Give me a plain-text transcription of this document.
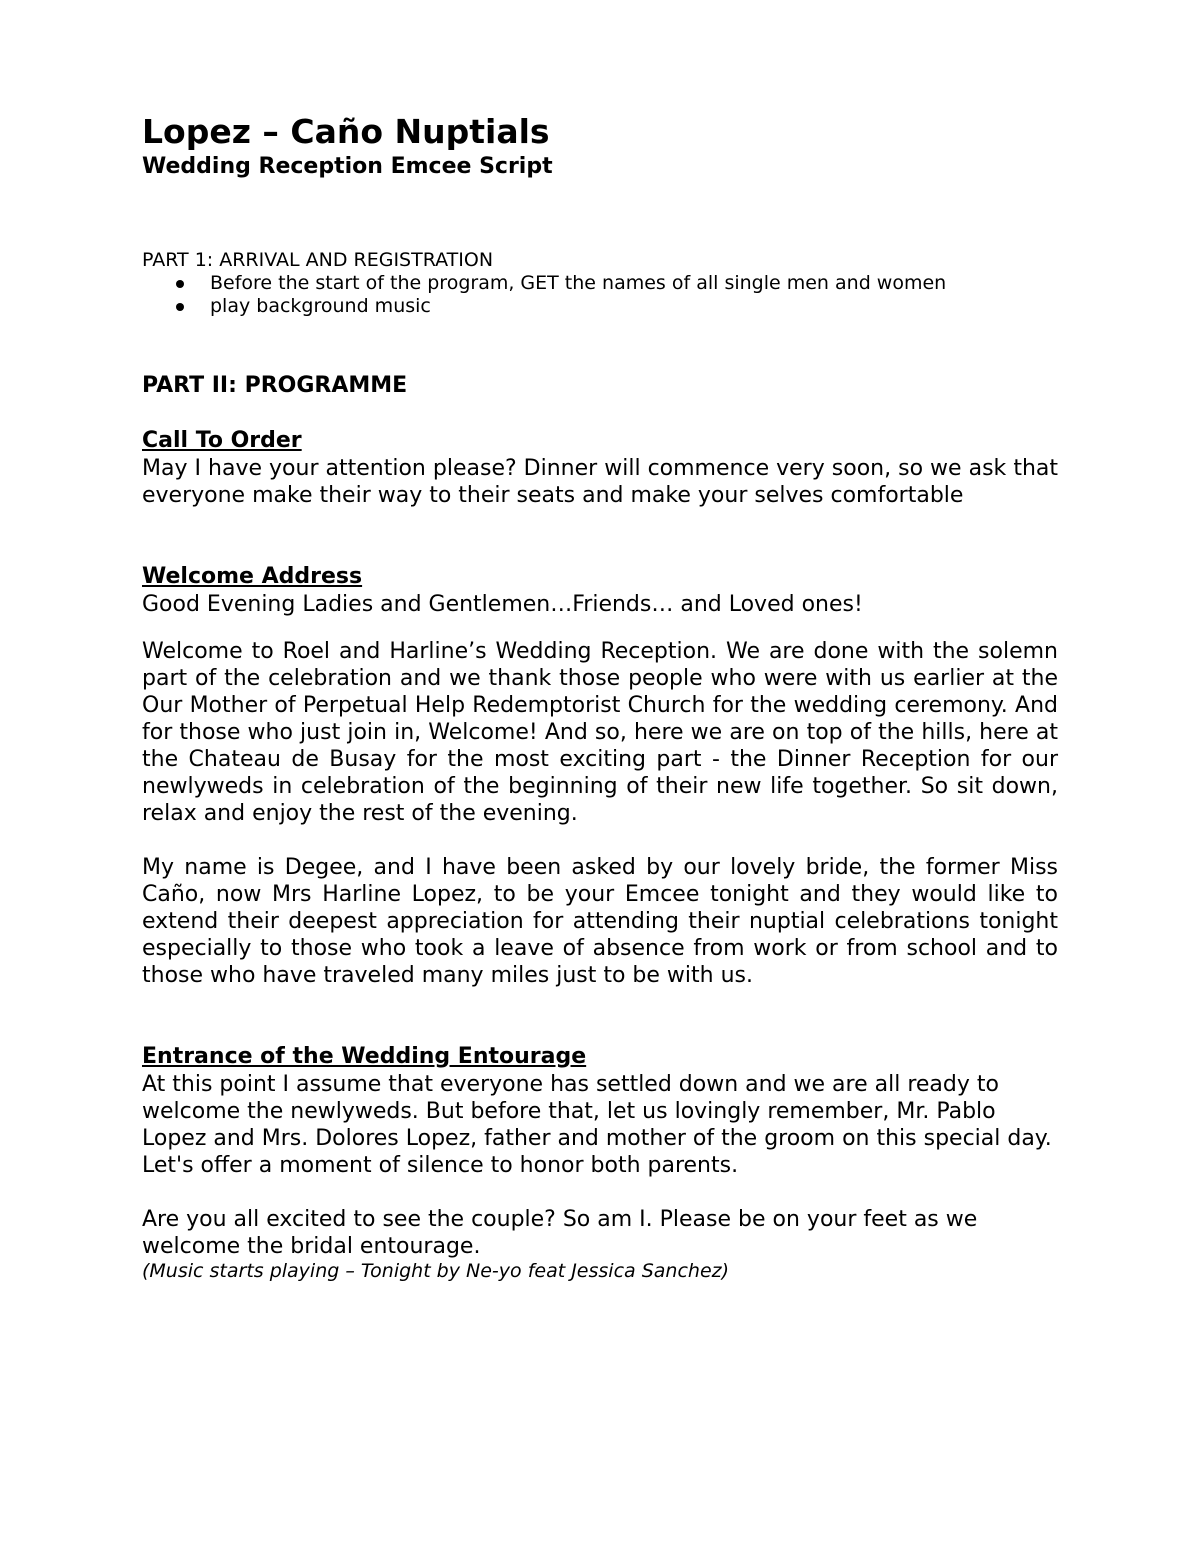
Lopez – Caño Nuptials
Wedding Reception Emcee Script

PART 1: ARRIVAL AND REGISTRATION

Before the start of the program, GET the names of all single men and women
play background music

PART II: PROGRAMME

Call To Order

May I have your attention please? Dinner will commence very soon, so we ask that everyone make their way to their seats and make your selves comfortable

Welcome Address

Good Evening Ladies and Gentlemen…Friends… and Loved ones!

Welcome to Roel and Harline’s Wedding Reception. We are done with the solemn part of the celebration and we thank those people who were with us earlier at the Our Mother of Perpetual Help Redemptorist Church for the wedding ceremony. And for those who just join in, Welcome! And so, here we are on top of the hills, here at the Chateau de Busay for the most exciting part - the Dinner Reception for our newlyweds in celebration of the beginning of their new life together. So sit down, relax and enjoy the rest of the evening.

My name is Degee, and I have been asked by our lovely bride, the former Miss Caño, now Mrs Harline Lopez, to be your Emcee tonight and they would like to extend their deepest appreciation for attending their nuptial celebrations tonight especially to those who took a leave of absence from work or from school and to those who have traveled many miles just to be with us.

Entrance of the Wedding Entourage

At this point I assume that everyone has settled down and we are all ready to welcome the newlyweds. But before that, let us lovingly remember, Mr. Pablo Lopez and Mrs. Dolores Lopez, father and mother of the groom on this special day. Let's offer a moment of silence to honor both parents.

Are you all excited to see the couple? So am I. Please be on your feet as we welcome the bridal entourage.

(Music starts playing – Tonight by Ne-yo feat Jessica Sanchez)
